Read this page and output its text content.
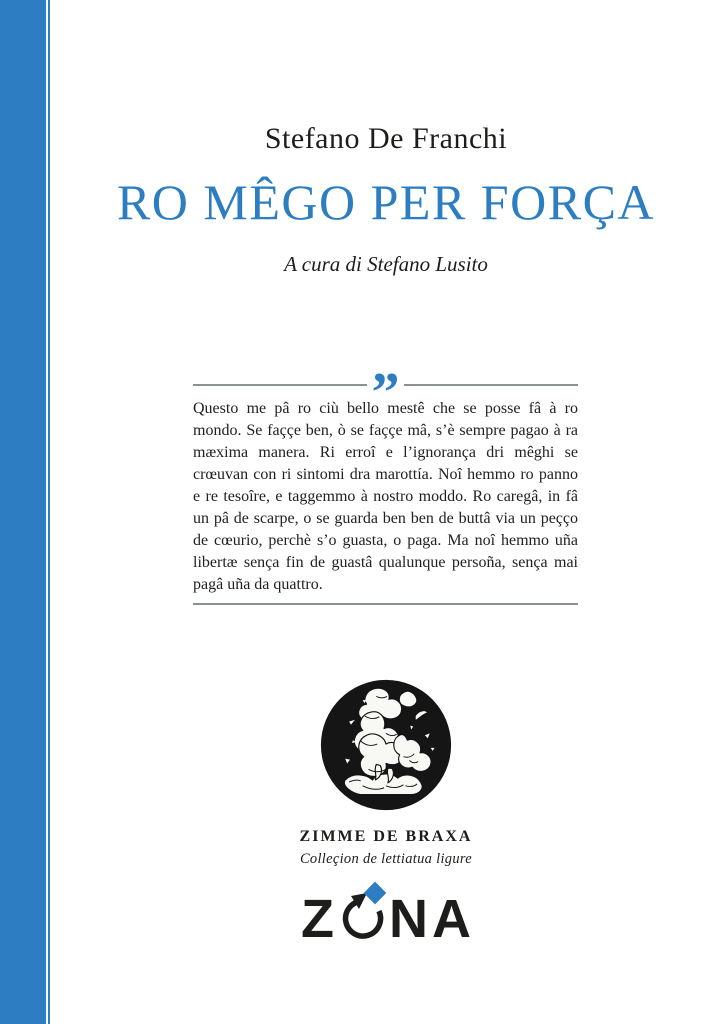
Stefano De Franchi
RO MÊGO PER FORÇA
A cura di Stefano Lusito
”
Questo me pâ ro ciù bello mestê che se posse fâ à ro mondo. Se faççe ben, ò se faççe mâ, s’è sempre pagao à ra mæxima manera. Ri erroî e l’ignorança dri mêghi se crœuvan con ri sintomi dra marottía. Noî hemmo ro panno e re tesoîre, e taggemmo à nostro moddo. Ro caregâ, in fâ un pâ de scarpe, o se guarda ben ben de buttâ via un peçço de cœurio, perchè s’o guasta, o paga. Ma noî hemmo uña libertæ sença fin de guastâ qualunque persoña, sença mai pagâ uña da quattro.
ZIMME DE BRAXA
Colleçion de lettiatua ligure
Z N A
